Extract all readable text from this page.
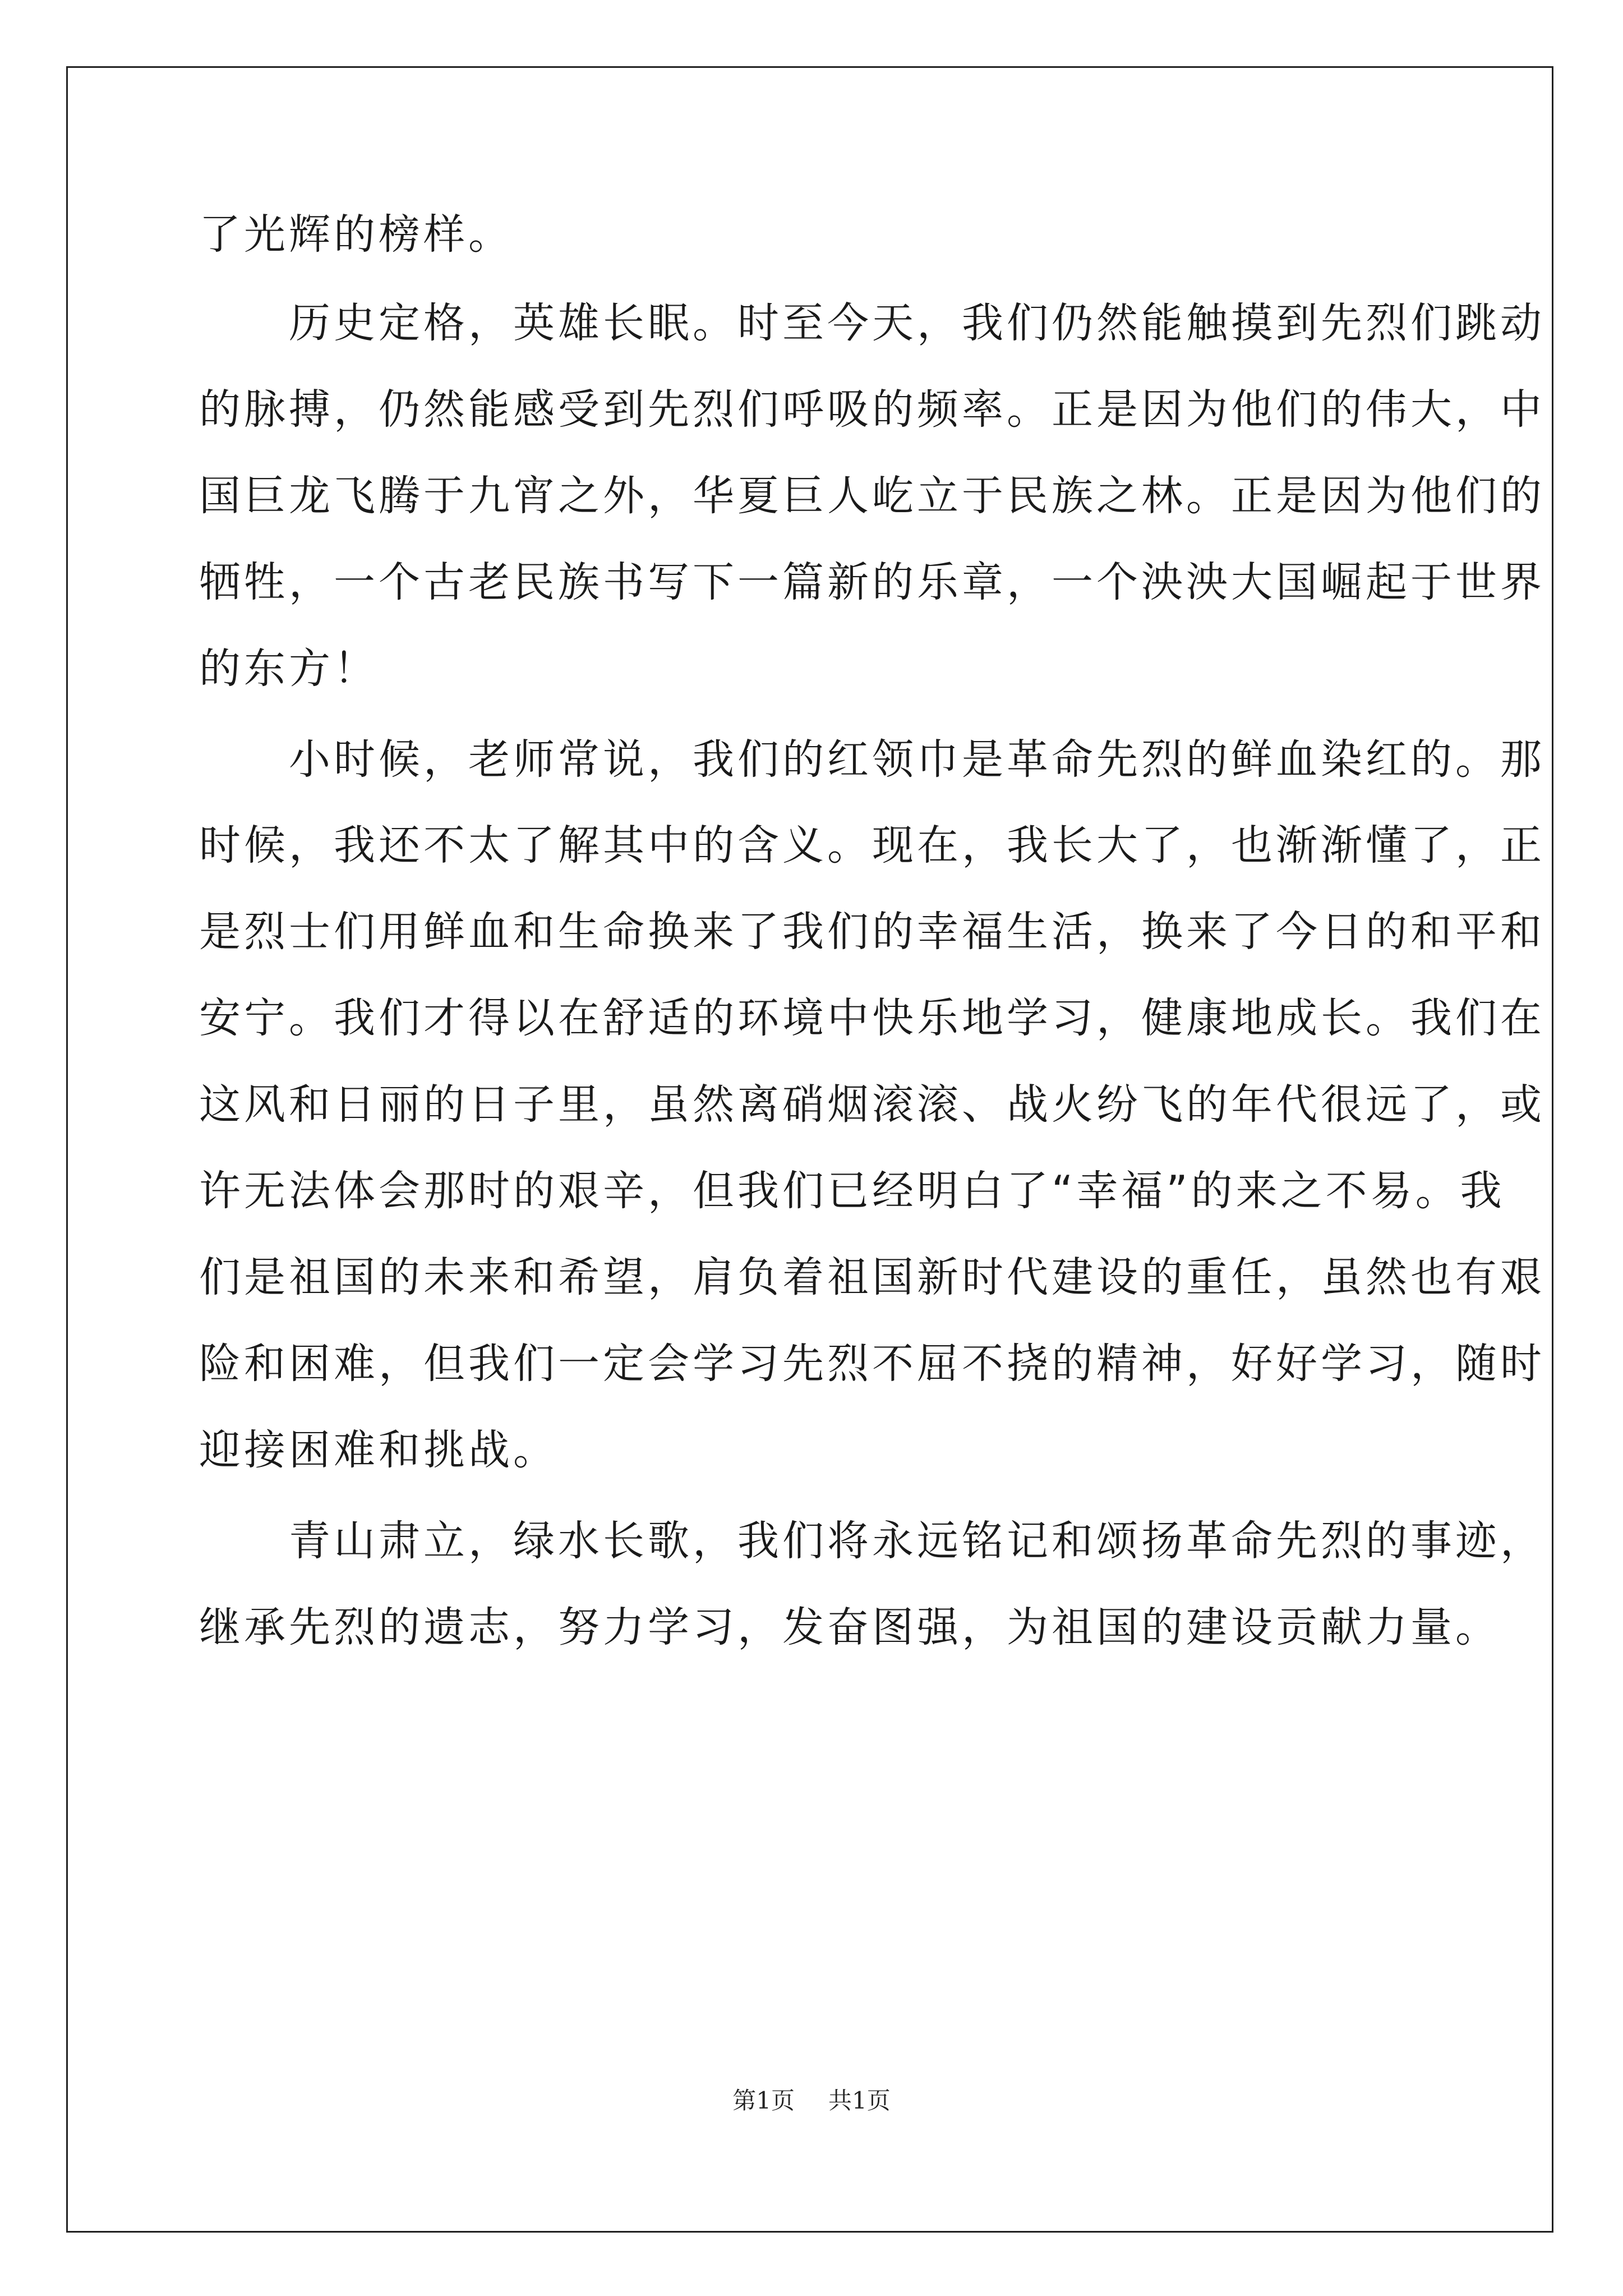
了光辉的榜样。
　　历史定格，英雄长眠。时至今天，我们仍然能触摸到先烈们跳动
的脉搏，仍然能感受到先烈们呼吸的频率。正是因为他们的伟大，中
国巨龙飞腾于九宵之外，华夏巨人屹立于民族之林。正是因为他们的
牺牲，一个古老民族书写下一篇新的乐章，一个泱泱大国崛起于世界
的东方！
　　小时候，老师常说，我们的红领巾是革命先烈的鲜血染红的。那
时候，我还不太了解其中的含义。现在，我长大了，也渐渐懂了，正
是烈士们用鲜血和生命换来了我们的幸福生活，换来了今日的和平和
安宁。我们才得以在舒适的环境中快乐地学习，健康地成长。我们在
这风和日丽的日子里，虽然离硝烟滚滚、战火纷飞的年代很远了，或
许无法体会那时的艰辛，但我们已经明白了“幸福”的来之不易。我
们是祖国的未来和希望，肩负着祖国新时代建设的重任，虽然也有艰
险和困难，但我们一定会学习先烈不屈不挠的精神，好好学习，随时
迎接困难和挑战。
　　青山肃立，绿水长歌，我们将永远铭记和颂扬革命先烈的事迹，
继承先烈的遗志，努力学习，发奋图强，为祖国的建设贡献力量。
第1页 共1页
